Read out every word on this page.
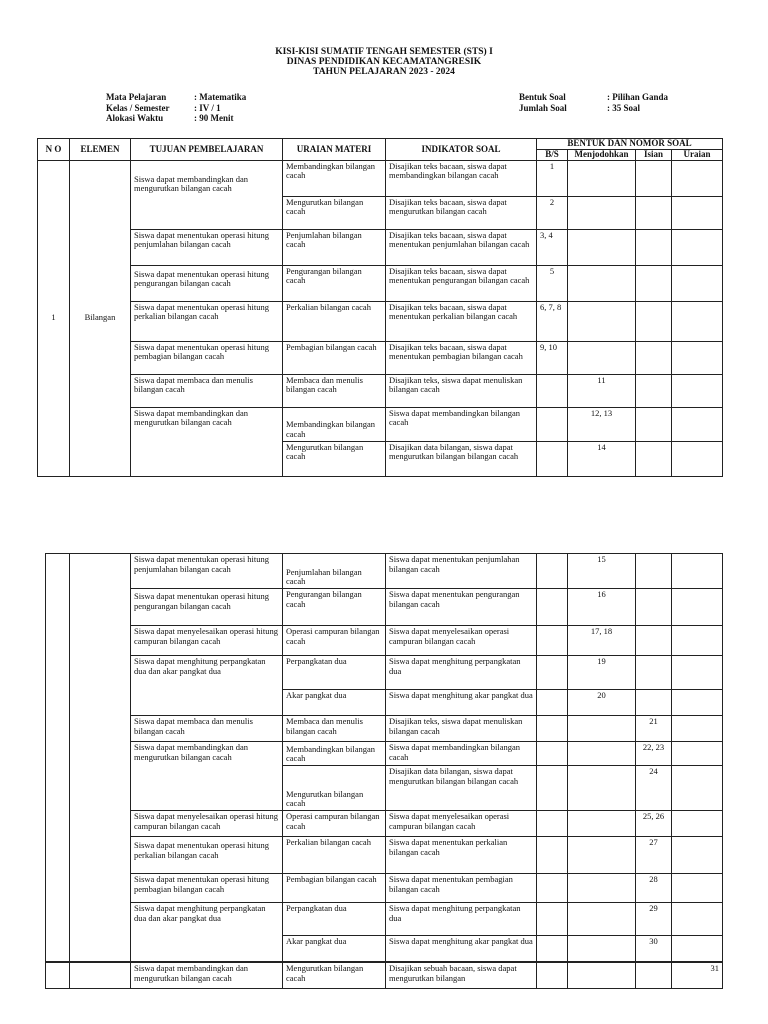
KISI-KISI SUMATIF TENGAH SEMESTER (STS) I
DINAS PENDIDIKAN KECAMATANGRESIK
TAHUN PELAJARAN 2023 - 2024
Mata Pelajaran	: Matematika
Kelas / Semester	: IV / 1
Alokasi Waktu	: 90 Menit
Bentuk Soal	: Pilihan Ganda
Jumlah Soal	: 35 Soal
N O	ELEMEN	TUJUAN PEMBELAJARAN	URAIAN MATERI	INDIKATOR SOAL	BENTUK DAN NOMOR SOAL			
					B/S	Menjodohkan	Isian	Uraian
1	Bilangan	Siswa dapat membandingkan dan mengurutkan bilangan cacah	Membandingkan bilangan cacah	Disajikan teks bacaan, siswa dapat membandingkan bilangan cacah	1			
			Mengurutkan bilangan cacah	Disajikan teks bacaan, siswa dapat mengurutkan bilangan cacah	2			
		Siswa dapat menentukan operasi hitung penjumlahan bilangan cacah	Penjumlahan bilangan cacah	Disajikan teks bacaan, siswa dapat menentukan penjumlahan bilangan cacah	3, 4			
		Siswa dapat menentukan operasi hitung pengurangan bilangan cacah	Pengurangan bilangan cacah	Disajikan teks bacaan, siswa dapat menentukan pengurangan bilangan cacah	5			
		Siswa dapat menentukan operasi hitung perkalian bilangan cacah	Perkalian bilangan cacah	Disajikan teks bacaan, siswa dapat menentukan perkalian bilangan cacah	6, 7, 8			
		Siswa dapat menentukan operasi hitung pembagian bilangan cacah	Pembagian bilangan cacah	Disajikan teks bacaan, siswa dapat menentukan pembagian bilangan cacah	9, 10			
		Siswa dapat membaca dan menulis bilangan cacah	Membaca dan menulis bilangan cacah	Disajikan teks, siswa dapat menuliskan bilangan cacah		11		
		Siswa dapat membandingkan dan mengurutkan bilangan cacah	Membandingkan bilangan cacah	Siswa dapat membandingkan bilangan cacah		12, 13		
			Mengurutkan bilangan cacah	Disajikan data bilangan, siswa dapat mengurutkan bilangan bilangan cacah		14		
		Siswa dapat menentukan operasi hitung penjumlahan bilangan cacah	Penjumlahan bilangan cacah	Siswa dapat menentukan penjumlahan bilangan cacah		15		
		Siswa dapat menentukan operasi hitung pengurangan bilangan cacah	Pengurangan bilangan cacah	Siswa dapat menentukan pengurangan bilangan cacah		16		
		Siswa dapat menyelesaikan operasi hitung campuran bilangan cacah	Operasi campuran bilangan cacah	Siswa dapat menyelesaikan operasi campuran bilangan cacah		17, 18		
		Siswa dapat menghitung perpangkatan dua dan akar pangkat dua	Perpangkatan dua	Siswa dapat menghitung perpangkatan dua		19		
			Akar pangkat dua	Siswa dapat menghitung akar pangkat dua		20		
		Siswa dapat membaca dan menulis bilangan cacah	Membaca dan menulis bilangan cacah	Disajikan teks, siswa dapat menuliskan bilangan cacah			21	
		Siswa dapat membandingkan dan mengurutkan bilangan cacah	Membandingkan bilangan cacah	Siswa dapat membandingkan bilangan cacah			22, 23	
			Mengurutkan bilangan cacah	Disajikan data bilangan, siswa dapat mengurutkan bilangan bilangan cacah			24	
		Siswa dapat menyelesaikan operasi hitung campuran bilangan cacah	Operasi campuran bilangan cacah	Siswa dapat menyelesaikan operasi campuran bilangan cacah			25, 26	
		Siswa dapat menentukan operasi hitung perkalian bilangan cacah	Perkalian bilangan cacah	Siswa dapat menentukan perkalian bilangan cacah			27	
		Siswa dapat menentukan operasi hitung pembagian bilangan cacah	Pembagian bilangan cacah	Siswa dapat menentukan pembagian bilangan cacah			28	
		Siswa dapat menghitung perpangkatan dua dan akar pangkat dua	Perpangkatan dua	Siswa dapat menghitung perpangkatan dua			29	
			Akar pangkat dua	Siswa dapat menghitung akar pangkat dua			30	
		Siswa dapat membandingkan dan mengurutkan bilangan cacah	Mengurutkan bilangan cacah	Disajikan sebuah bacaan, siswa dapat mengurutkan bilangan				31
